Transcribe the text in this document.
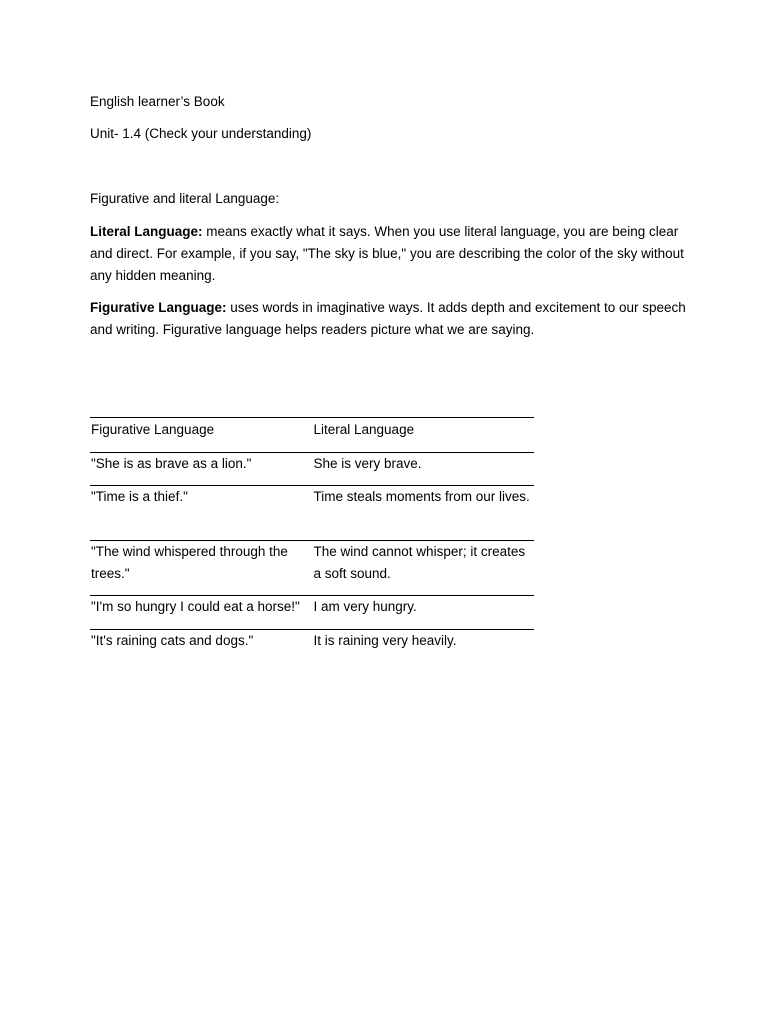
English learner’s Book
Unit- 1.4 (Check your understanding)
Figurative and literal Language:
Literal Language: means exactly what it says. When you use literal language, you are being clear and direct. For example, if you say, "The sky is blue," you are describing the color of the sky without any hidden meaning.
Figurative Language: uses words in imaginative ways. It adds depth and excitement to our speech and writing. Figurative language helps readers picture what we are saying.
Figurative Language	Literal Language
"She is as brave as a lion."	She is very brave.
"Time is a thief."	Time steals moments from our lives.
"The wind whispered through the trees."	The wind cannot whisper; it creates a soft sound.
"I'm so hungry I could eat a horse!"	I am very hungry.
"It's raining cats and dogs."	It is raining very heavily.
